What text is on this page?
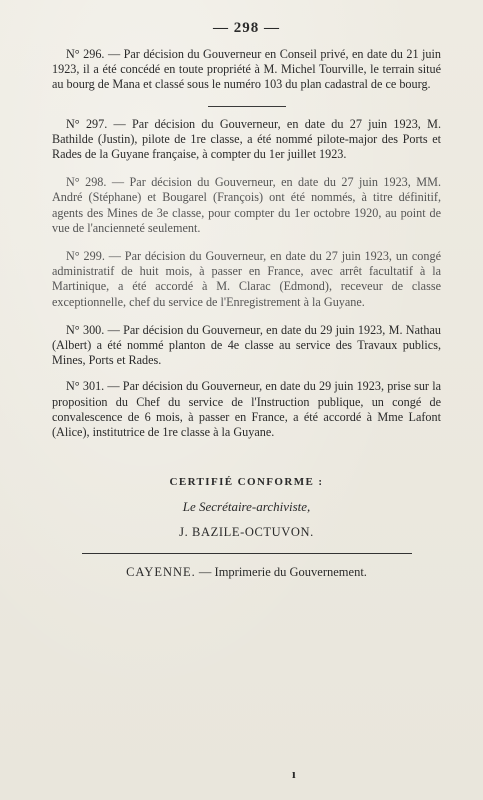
— 298 —

N° 296. — Par décision du Gouverneur en Conseil privé, en date du 21 juin 1923, il a été concédé en toute propriété à M. Michel Tourville, le terrain situé au bourg de Mana et classé sous le numéro 103 du plan cadastral de ce bourg.

N° 297. — Par décision du Gouverneur, en date du 27 juin 1923, M. Bathilde (Justin), pilote de 1re classe, a été nommé pilote-major des Ports et Rades de la Guyane française, à compter du 1er juillet 1923.

N° 298. — Par décision du Gouverneur, en date du 27 juin 1923, MM. André (Stéphane) et Bougarel (François) ont été nommés, à titre définitif, agents des Mines de 3e classe, pour compter du 1er octobre 1920, au point de vue de l'ancienneté seulement.

N° 299. — Par décision du Gouverneur, en date du 27 juin 1923, un congé administratif de huit mois, à passer en France, avec arrêt facultatif à la Martinique, a été accordé à M. Clarac (Edmond), receveur de classe exceptionnelle, chef du service de l'Enregistrement à la Guyane.

N° 300. — Par décision du Gouverneur, en date du 29 juin 1923, M. Nathau (Albert) a été nommé planton de 4e classe au service des Travaux publics, Mines, Ports et Rades.

N° 301. — Par décision du Gouverneur, en date du 29 juin 1923, prise sur la proposition du Chef du service de l'Instruction publique, un congé de convalescence de 6 mois, à passer en France, a été accordé à Mme Lafont (Alice), institutrice de 1re classe à la Guyane.

CERTIFIÉ CONFORME :
Le Secrétaire-archiviste,
J. BAZILE-OCTUVON.
CAYENNE. — Imprimerie du Gouvernement.
ı
